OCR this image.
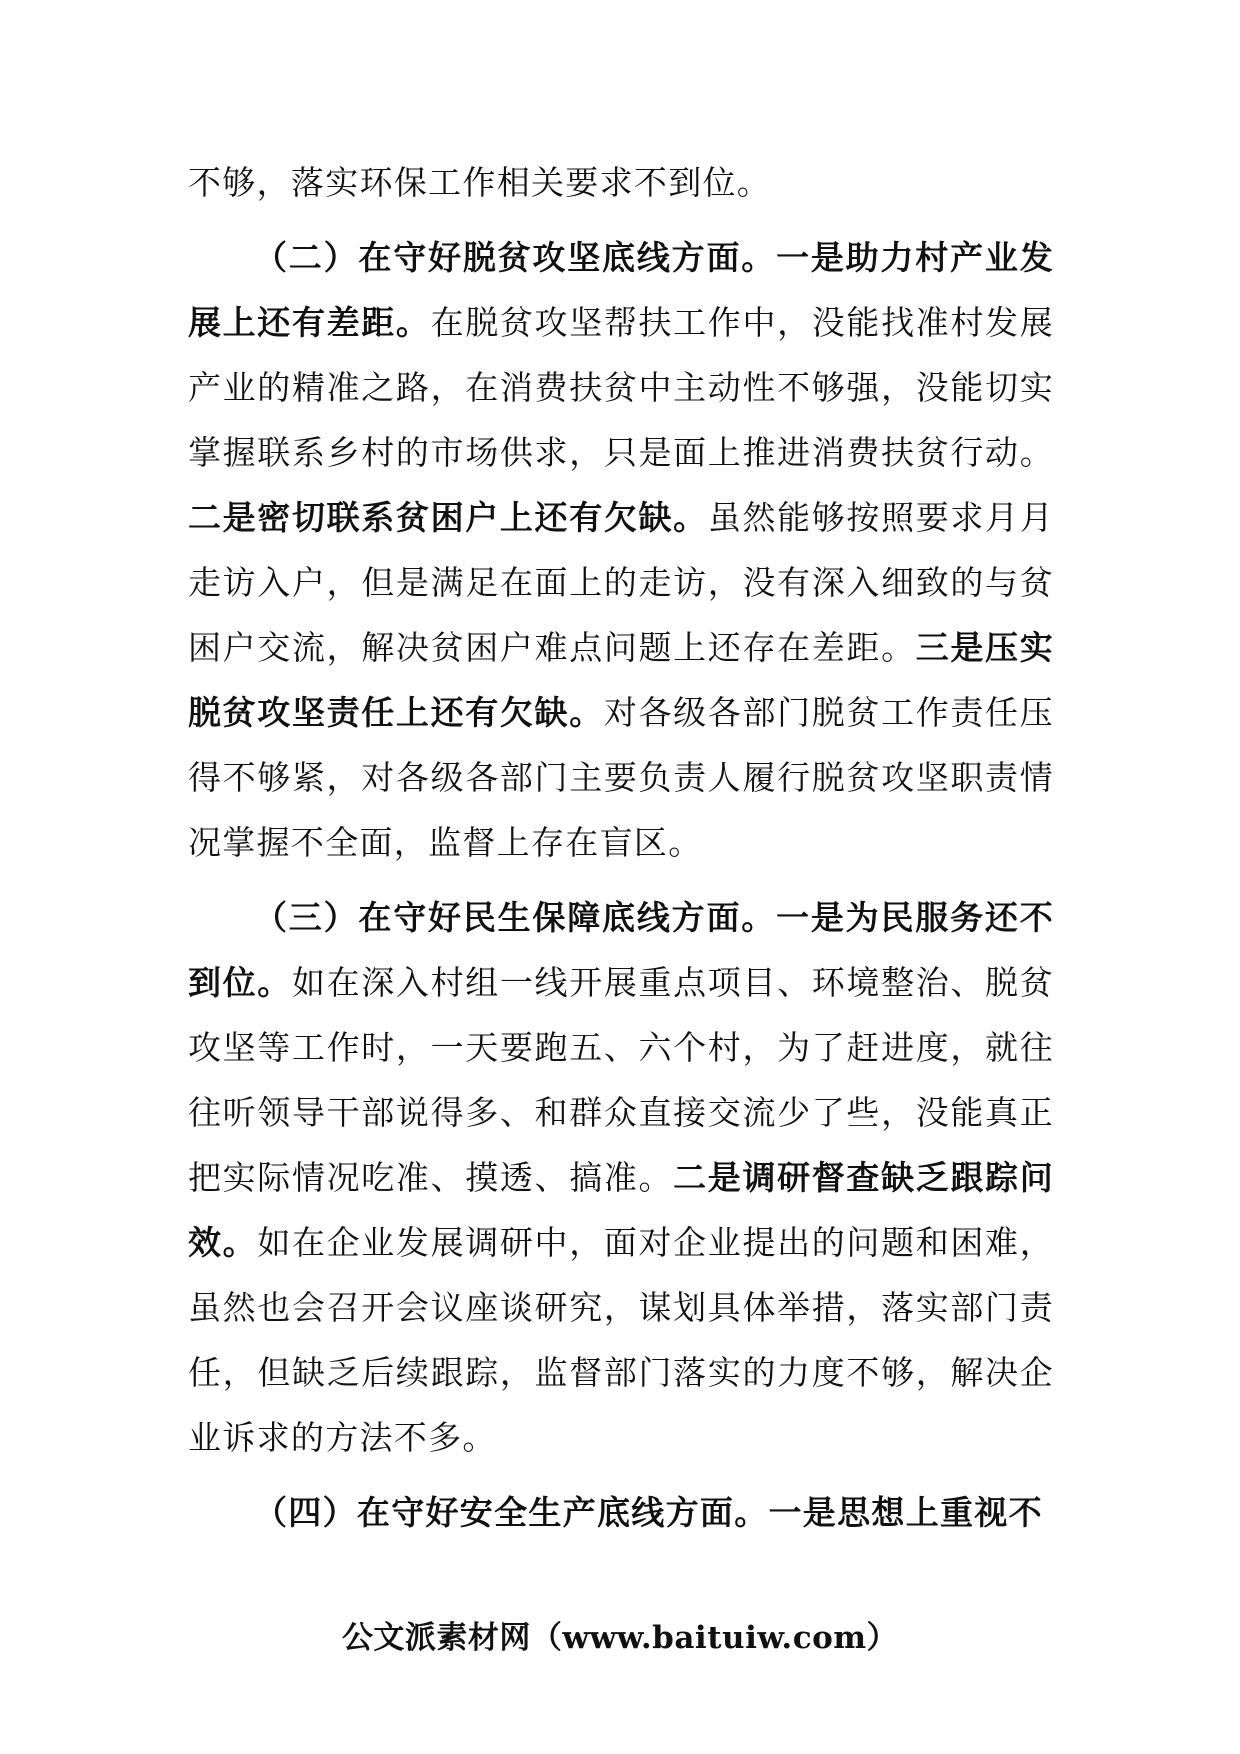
不够，落实环保工作相关要求不到位。

（二）在守好脱贫攻坚底线方面。一是助力村产业发展上还有差距。在脱贫攻坚帮扶工作中，没能找准村发展产业的精准之路，在消费扶贫中主动性不够强，没能切实掌握联系乡村的市场供求，只是面上推进消费扶贫行动。二是密切联系贫困户上还有欠缺。虽然能够按照要求月月走访入户，但是满足在面上的走访，没有深入细致的与贫困户交流，解决贫困户难点问题上还存在差距。三是压实脱贫攻坚责任上还有欠缺。对各级各部门脱贫工作责任压得不够紧，对各级各部门主要负责人履行脱贫攻坚职责情况掌握不全面，监督上存在盲区。

（三）在守好民生保障底线方面。一是为民服务还不到位。如在深入村组一线开展重点项目、环境整治、脱贫攻坚等工作时，一天要跑五、六个村，为了赶进度，就往往听领导干部说得多、和群众直接交流少了些，没能真正把实际情况吃准、摸透、搞准。二是调研督查缺乏跟踪问效。如在企业发展调研中，面对企业提出的问题和困难，虽然也会召开会议座谈研究，谋划具体举措，落实部门责任，但缺乏后续跟踪，监督部门落实的力度不够，解决企业诉求的方法不多。

（四）在守好安全生产底线方面。一是思想上重视不

公文派素材网（www.baituiw.com）
